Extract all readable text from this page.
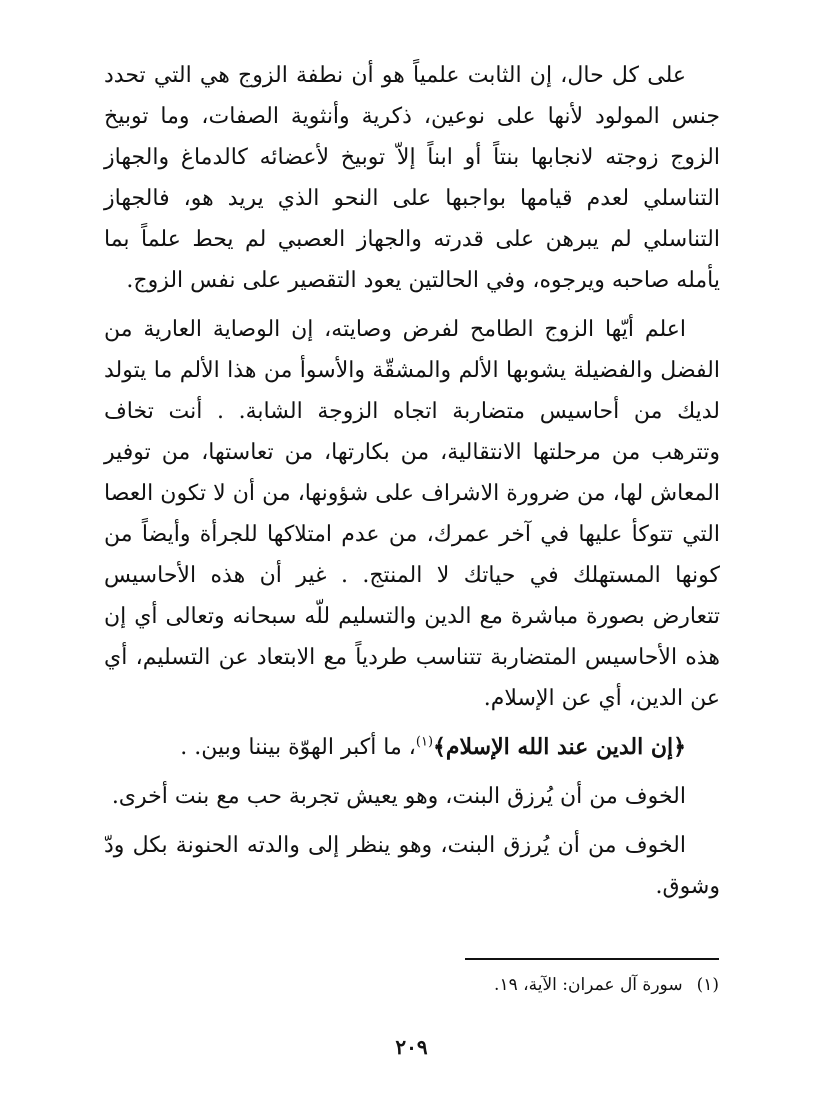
على كل حال، إن الثابت علمياً هو أن نطفة الزوج هي التي تحدد جنس المولود لأنها على نوعين، ذكرية وأنثوية الصفات، وما توبيخ الزوج زوجته لانجابها بنتاً أو ابناً إلاّ توبيخ لأعضائه كالدماغ والجهاز التناسلي لعدم قيامها بواجبها على النحو الذي يريد هو، فالجهاز التناسلي لم يبرهن على قدرته والجهاز العصبي لم يحط علماً بما يأمله صاحبه ويرجوه، وفي الحالتين يعود التقصير على نفس الزوج.

اعلم أيّها الزوج الطامح لفرض وصايته، إن الوصاية العارية من الفضل والفضيلة يشوبها الألم والمشقّة والأسوأ من هذا الألم ما يتولد لديك من أحاسيس متضاربة اتجاه الزوجة الشابة. . أنت تخاف وتترهب من مرحلتها الانتقالية، من بكارتها، من تعاستها، من توفير المعاش لها، من ضرورة الاشراف على شؤونها، من أن لا تكون العصا التي تتوكأ عليها في آخر عمرك، من عدم امتلاكها للجرأة وأيضاً من كونها المستهلك في حياتك لا المنتج. . غير أن هذه الأحاسيس تتعارض بصورة مباشرة مع الدين والتسليم للّه سبحانه وتعالى أي إن هذه الأحاسيس المتضاربة تتناسب طردياً مع الابتعاد عن التسليم، أي عن الدين، أي عن الإسلام.

﴿إن الدين عند الله الإسلام﴾$^{(١)}$، ما أكبر الهوّة بيننا وبين. .

الخوف من أن يُرزق البنت، وهو يعيش تجربة حب مع بنت أخرى.

الخوف من أن يُرزق البنت، وهو ينظر إلى والدته الحنونة بكل ودّ وشوق.

(١)سورة آل عمران: الآية، ١٩.
٢٠٩
